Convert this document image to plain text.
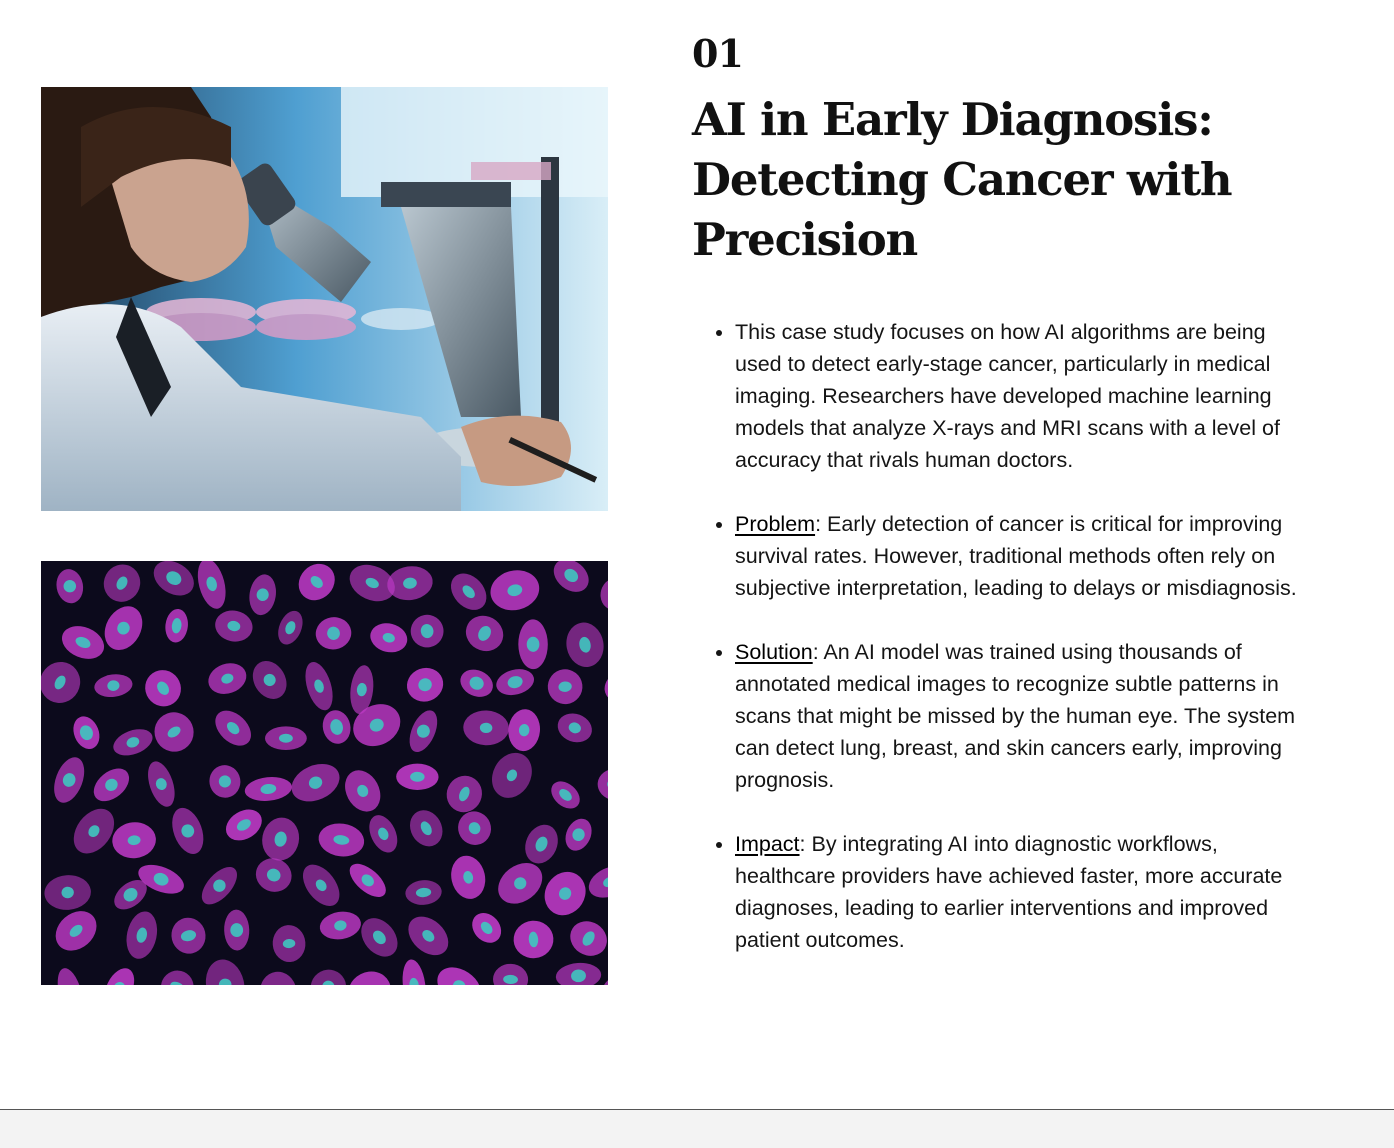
01
AI in Early Diagnosis: Detecting Cancer with Precision
• This case study focuses on how AI algorithms are being used to detect early-stage cancer, particularly in medical imaging. Researchers have developed machine learning models that analyze X-rays and MRI scans with a level of accuracy that rivals human doctors.
• Problem: Early detection of cancer is critical for improving survival rates. However, traditional methods often rely on subjective interpretation, leading to delays or misdiagnosis.
• Solution: An AI model was trained using thousands of annotated medical images to recognize subtle patterns in scans that might be missed by the human eye. The system can detect lung, breast, and skin cancers early, improving prognosis.
• Impact: By integrating AI into diagnostic workflows, healthcare providers have achieved faster, more accurate diagnoses, leading to earlier interventions and improved patient outcomes.
